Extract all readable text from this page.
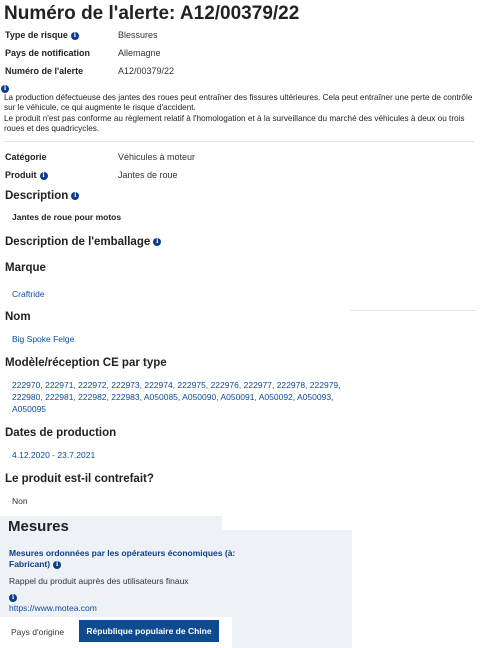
Numéro de l'alerte: A12/00379/22
Type de risque i	Blessures
Pays de notification	Allemagne
Numéro de l'alerte	A12/00379/22
i

La production défectueuse des jantes des roues peut entraîner des fissures ultérieures. Cela peut entraîner une perte de contrôle sur le véhicule, ce qui augmente le risque d'accident.

Le produit n'est pas conforme au règlement relatif à l'homologation et à la surveillance du marché des véhicules à deux ou trois roues et des quadricycles.

Catégorie	Véhicules à moteur
Produit i	Jantes de roue
Description i
Jantes de roue pour motos
Description de l'emballage i
Marque
Craftride
Nom
Big Spoke Felge
Modèle/réception CE par type
222970, 222971, 222972, 222973, 222974, 222975, 222976, 222977, 222978, 222979, 222980, 222981, 222982, 222983, A050085, A050090, A050091, A050092, A050093, A050095
Dates de production
4.12.2020 - 23.7.2021
Le produit est-il contrefait?
Non
Mesures
Mesures ordonnées par les opérateurs économiques (à: Fabricant) i
Rappel du produit auprès des utilisateurs finaux
i
https://www.motea.com
Pays d'origine	République populaire de Chine
